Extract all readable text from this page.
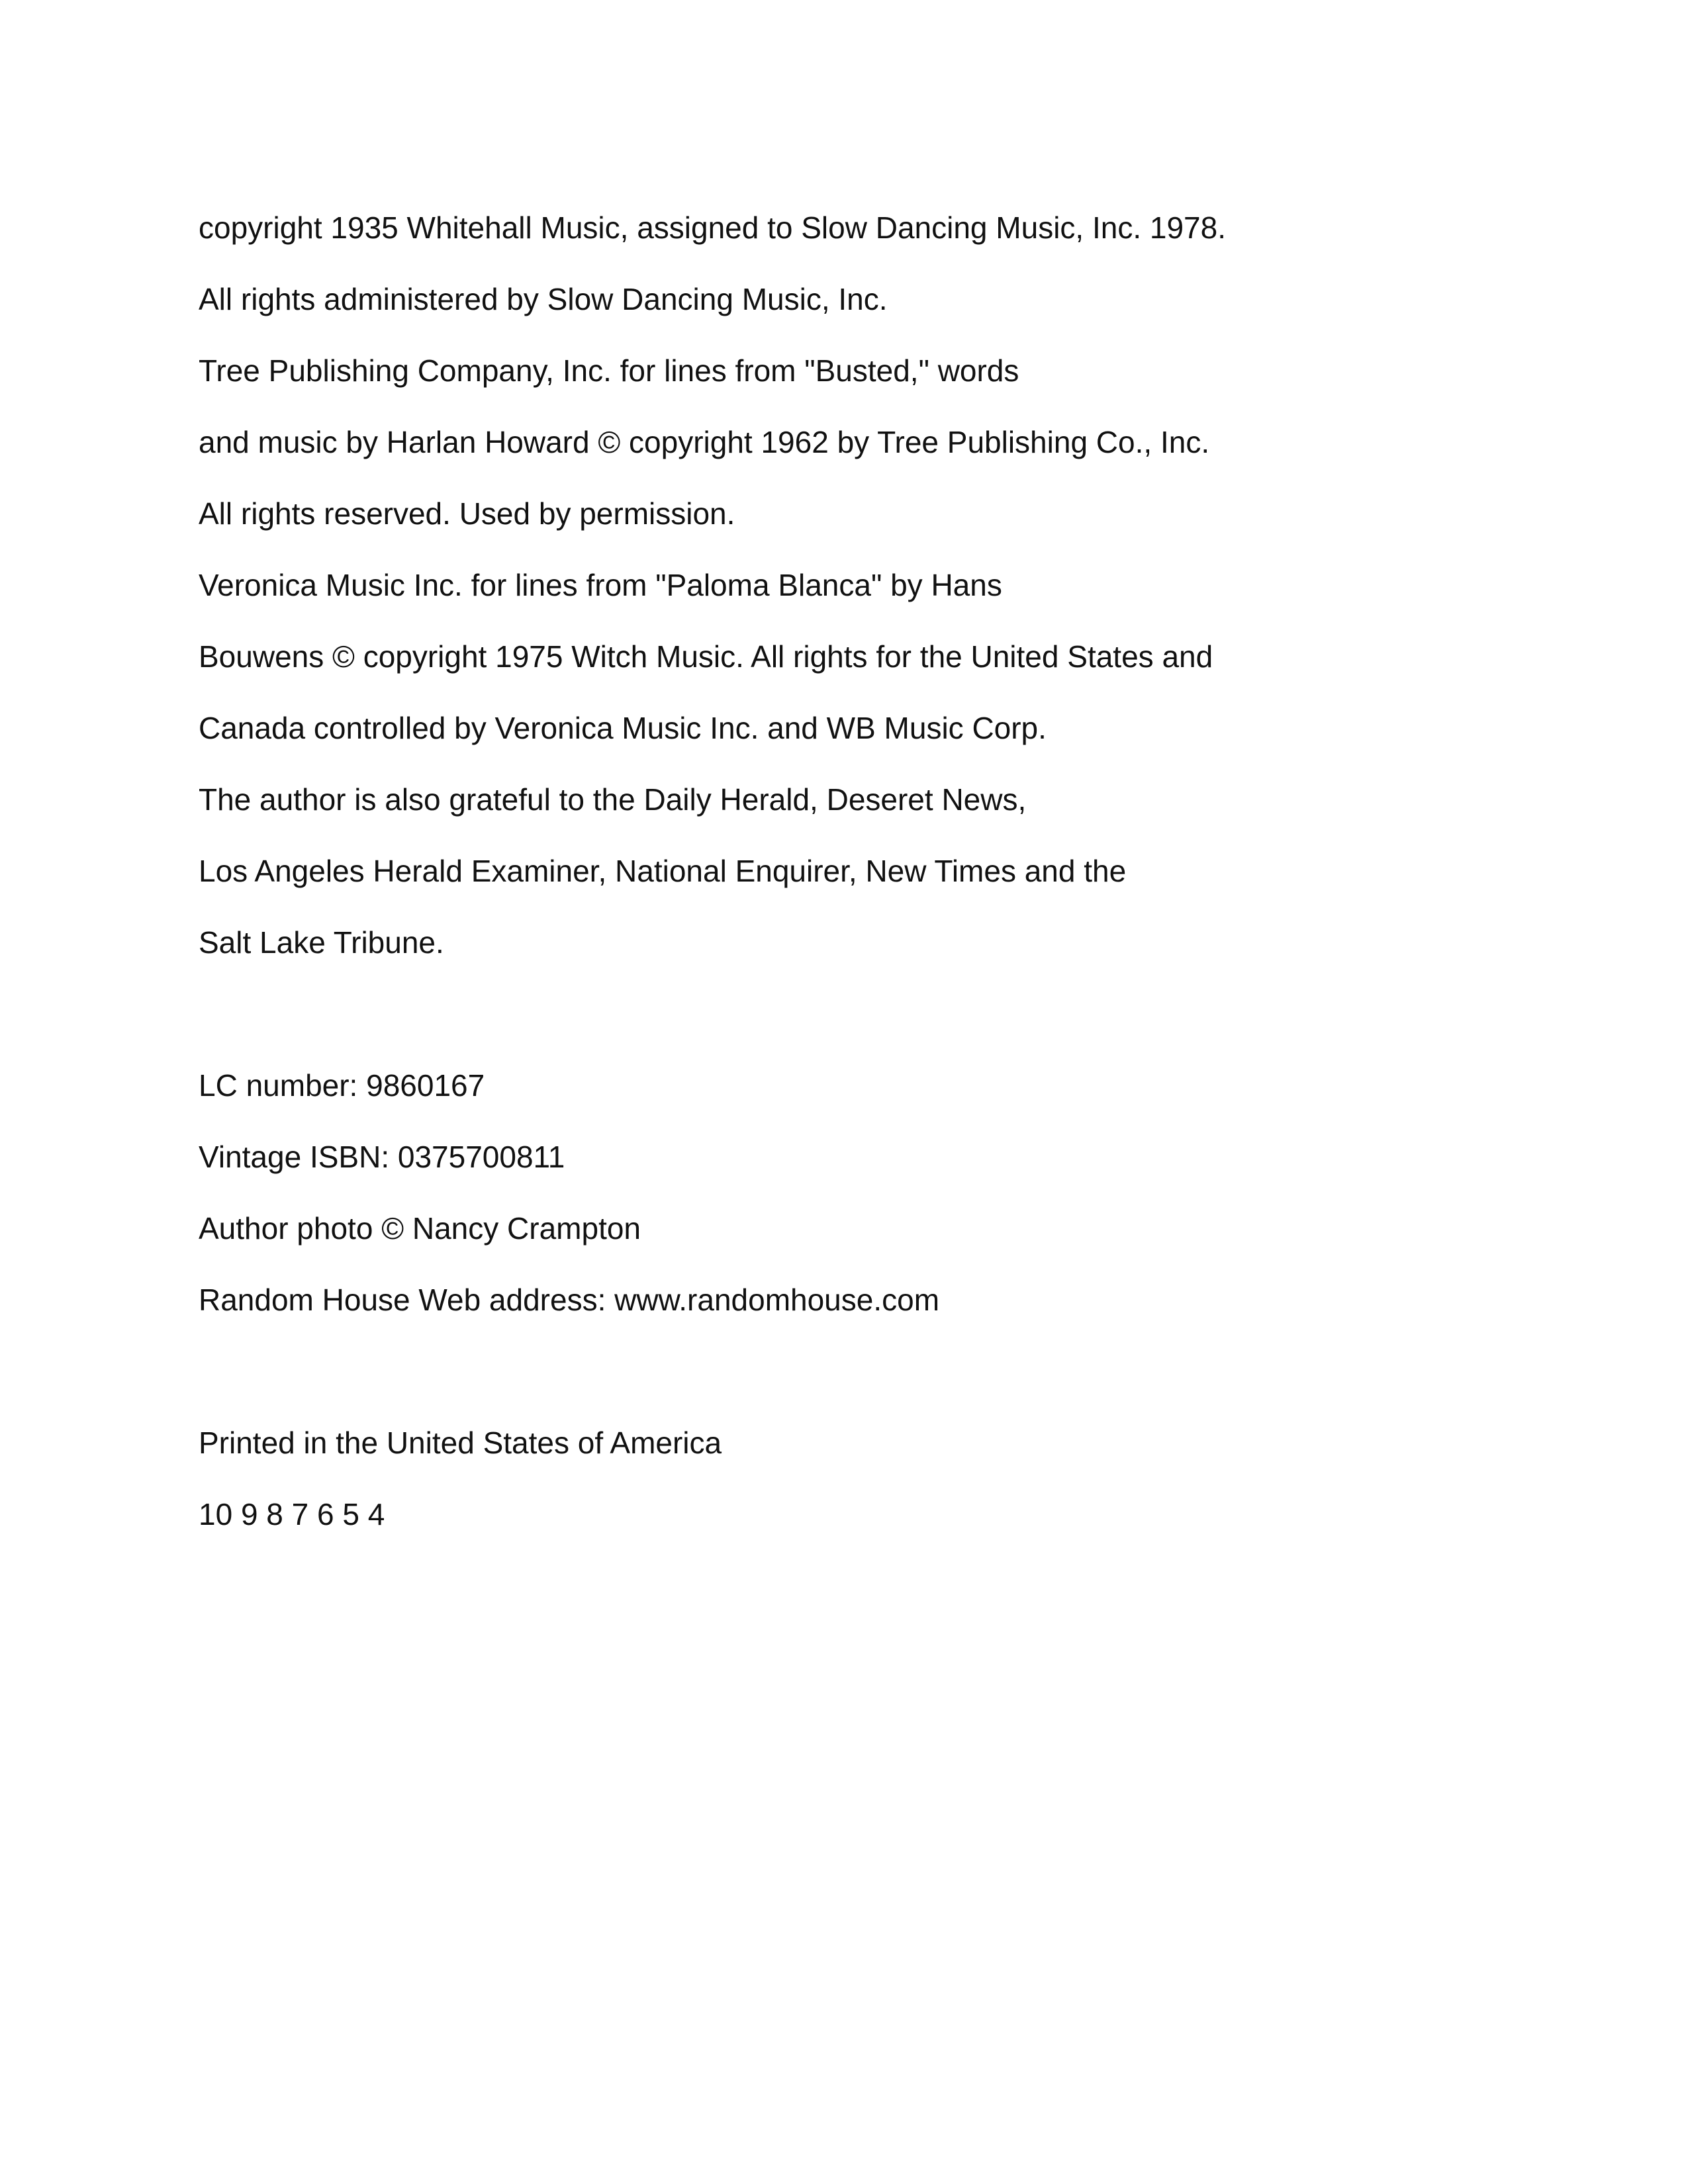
copyright 1935 Whitehall Music, assigned to Slow Dancing Music, Inc. 1978.
All rights administered by Slow Dancing Music, Inc.
Tree Publishing Company, Inc. for lines from "Busted," words
and music by Harlan Howard © copyright 1962 by Tree Publishing Co., Inc.
All rights reserved. Used by permission.
Veronica Music Inc. for lines from "Paloma Blanca" by Hans
Bouwens © copyright 1975 Witch Music. All rights for the United States and
Canada controlled by Veronica Music Inc. and WB Music Corp.
The author is also grateful to the Daily Herald, Deseret News,
Los Angeles Herald Examiner, National Enquirer, New Times and the
Salt Lake Tribune.
LC number: 9860167
Vintage ISBN: 0375700811
Author photo © Nancy Crampton
Random House Web address: www.randomhouse.com
Printed in the United States of America
10 9 8 7 6 5 4
